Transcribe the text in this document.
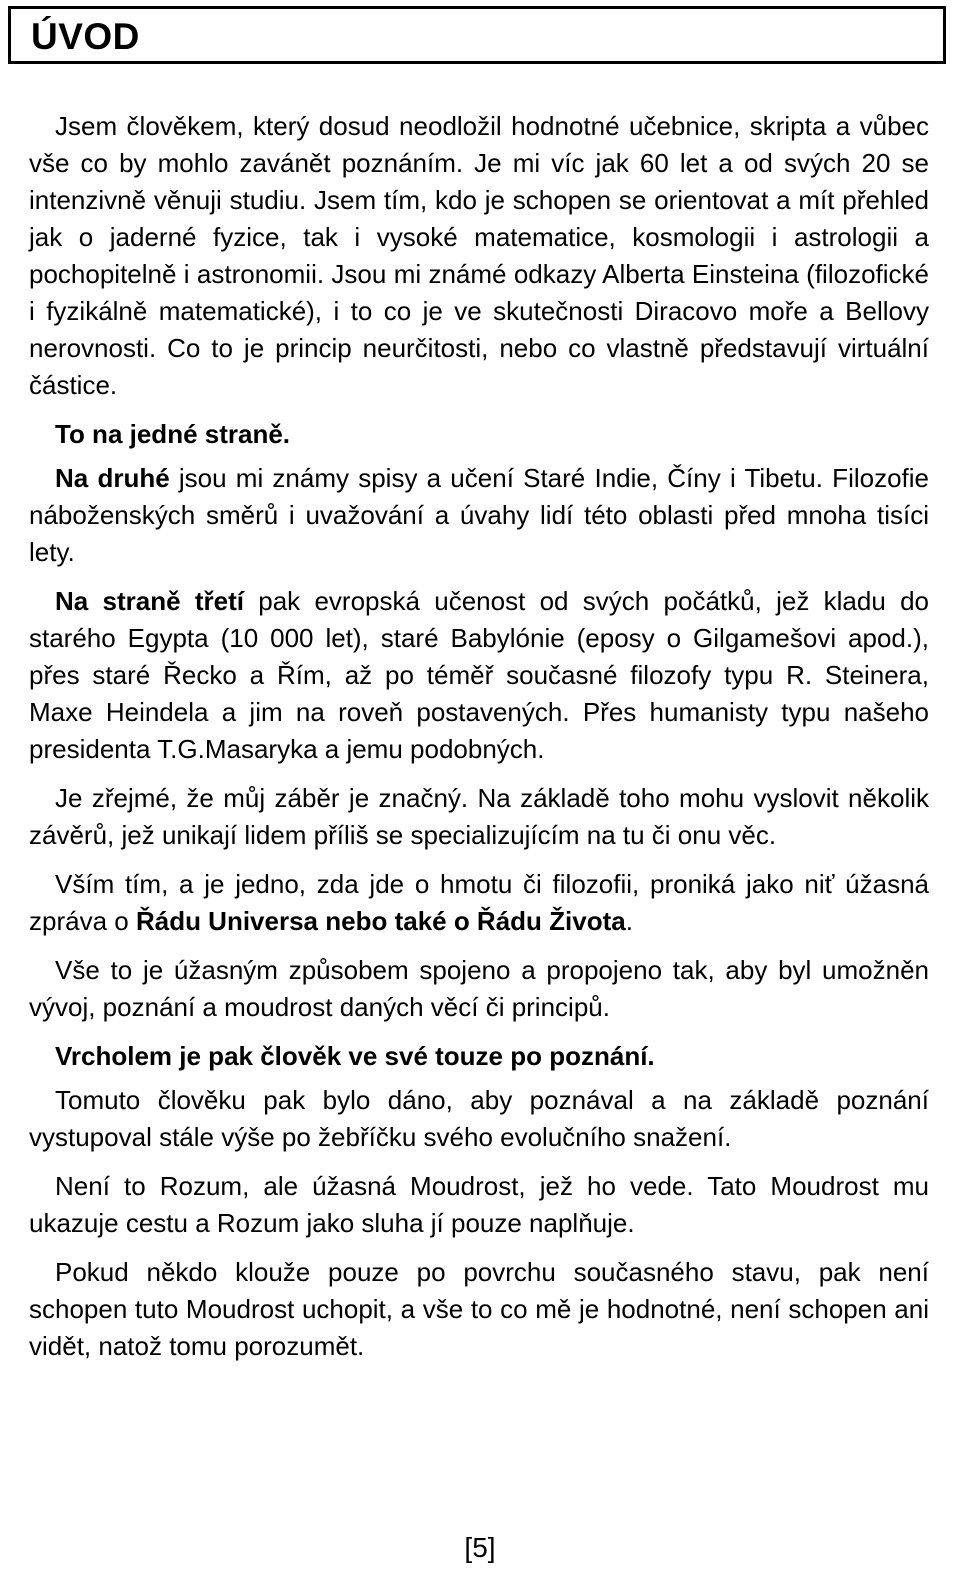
ÚVOD

Jsem člověkem, který dosud neodložil hodnotné učebnice, skripta a vůbec vše co by mohlo zavánět poznáním. Je mi víc jak 60 let a od svých 20 se intenzivně věnuji studiu. Jsem tím, kdo je schopen se orientovat a mít přehled jak o jaderné fyzice, tak i vysoké matematice, kosmologii i astrologii a pochopitelně i astronomii. Jsou mi známé odkazy Alberta Einsteina (filozofické i fyzikálně matematické), i to co je ve skutečnosti Diracovo moře a Bellovy nerovnosti. Co to je princip neurčitosti, nebo co vlastně představují virtuální částice.

To na jedné straně.

Na druhé jsou mi známy spisy a učení Staré Indie, Číny i Tibetu. Filozofie náboženských směrů i uvažování a úvahy lidí této oblasti před mnoha tisíci lety.

Na straně třetí pak evropská učenost od svých počátků, jež kladu do starého Egypta (10 000 let), staré Babylónie (eposy o Gilgamešovi apod.), přes staré Řecko a Řím, až po téměř současné filozofy typu R. Steinera, Maxe Heindela a jim na roveň postavených. Přes humanisty typu našeho presidenta T.G.Masaryka a jemu podobných.

Je zřejmé, že můj záběr je značný. Na základě toho mohu vyslovit několik závěrů, jež unikají lidem příliš se specializujícím na tu či onu věc.

Vším tím, a je jedno, zda jde o hmotu či filozofii, proniká jako niť úžasná zpráva o Řádu Universa nebo také o Řádu Života.

Vše to je úžasným způsobem spojeno a propojeno tak, aby byl umožněn vývoj, poznání a moudrost daných věcí či principů.

Vrcholem je pak člověk ve své touze po poznání.

Tomuto člověku pak bylo dáno, aby poznával a na základě poznání vystupoval stále výše po žebříčku svého evolučního snažení.

Není to Rozum, ale úžasná Moudrost, jež ho vede. Tato Moudrost mu ukazuje cestu a Rozum jako sluha jí pouze naplňuje.

Pokud někdo klouže pouze po povrchu současného stavu, pak není schopen tuto Moudrost uchopit, a vše to co mě je hodnotné, není schopen ani vidět, natož tomu porozumět.

[5]
